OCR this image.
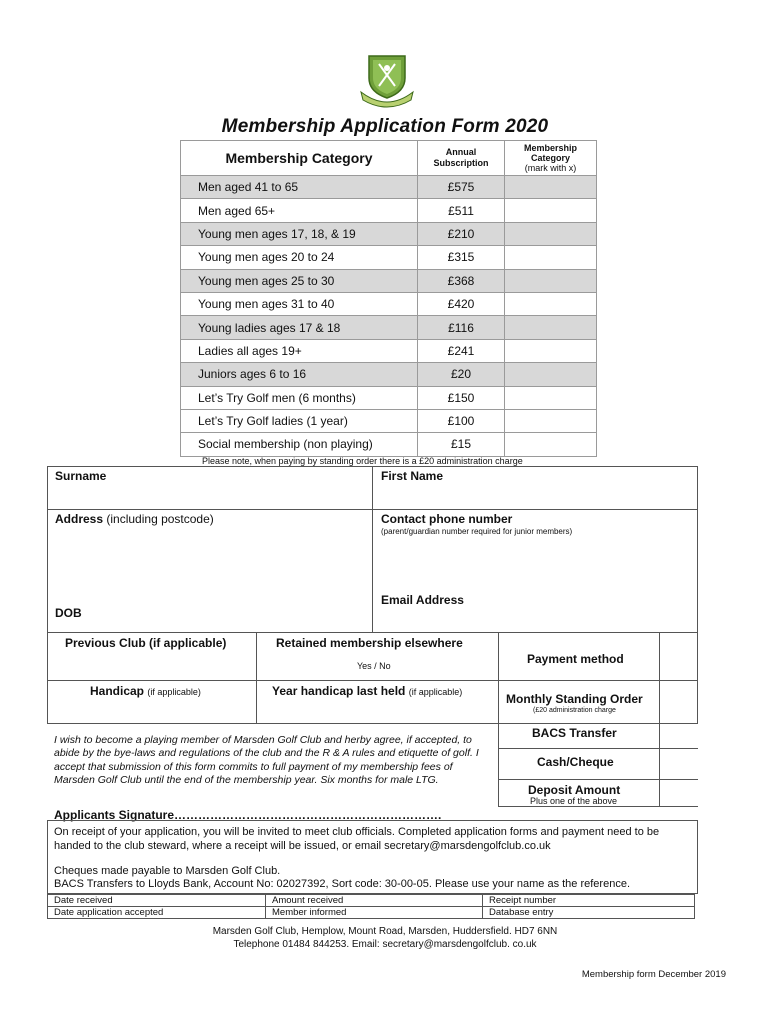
Membership Application Form 2020
Membership Category	Annual Subscription	Membership Category
(mark with x)

Men aged 41 to 65	£575	
Men aged 65+	£511	
Young men ages 17, 18, & 19	£210	
Young men ages 20 to 24	£315	
Young men ages 25 to 30	£368	
Young men ages 31 to 40	£420	
Young ladies ages 17 & 18	£116	
Ladies all ages 19+	£241	
Juniors ages 6 to 16	£20	
Let’s Try Golf men (6 months)	£150	
Let’s Try Golf ladies (1 year)	£100	
Social membership (non playing)	£15	
Please note, when paying by standing order there is a £20 administration charge
Surname	First Name
Address (including postcode)	Contact phone number
(parent/guardian number required for junior members)
Email Address
DOB
Previous Club (if applicable)	Retained membership elsewhere
Yes / No
Handicap (if applicable)	Year handicap last held (if applicable)
Payment method
Monthly Standing Order
(£20 administration charge
BACS Transfer
Cash/Cheque
Deposit Amount
Plus one of the above
I wish to become a playing member of Marsden Golf Club and herby agree, if accepted, to abide by the bye-laws and regulations of the club and the R & A rules and etiquette of golf. I accept that submission of this form commits to full payment of my membership fees of Marsden Golf Club until the end of the membership year. Six months for male LTG.
Applicants Signature………………………………………………………….
On receipt of your application, you will be invited to meet club officials. Completed application forms and payment need to be handed to the club steward, where a receipt will be issued, or email secretary@marsdengolfclub.co.uk
Cheques made payable to Marsden Golf Club.
BACS Transfers to Lloyds Bank, Account No: 02027392, Sort code: 30-00-05. Please use your name as the reference.
Date received	Amount received	Receipt number
Date application accepted	Member informed	Database entry
Marsden Golf Club, Hemplow, Mount Road, Marsden, Huddersfield. HD7 6NN
Telephone 01484 844253. Email: secretary@marsdengolfclub. co.uk
Membership form December 2019
